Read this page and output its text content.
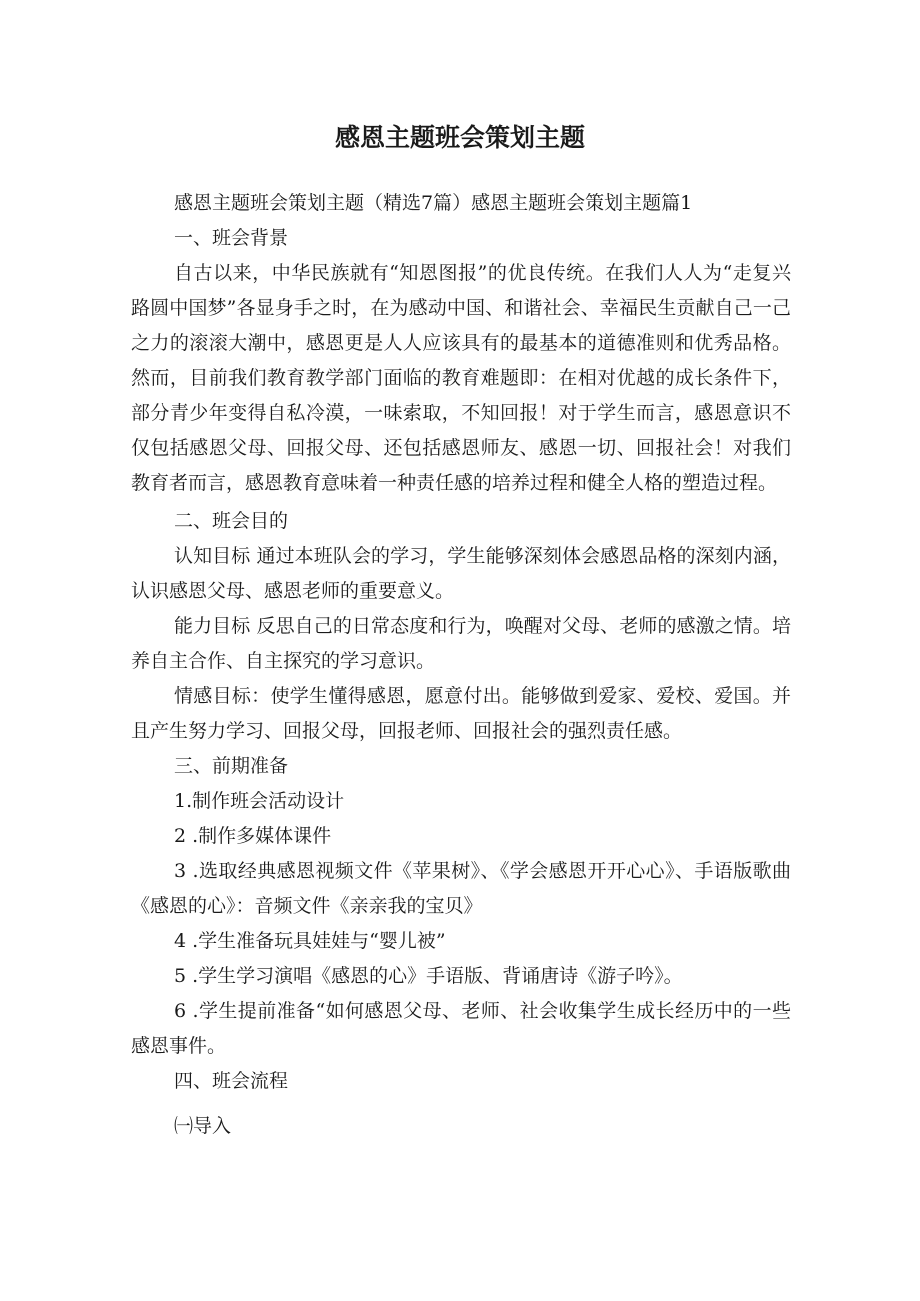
感恩主题班会策划主题

感恩主题班会策划主题（精选7篇）感恩主题班会策划主题篇1

一、班会背景

自古以来，中华民族就有“知恩图报”的优良传统。在我们人人为“走复兴路圆中国梦”各显身手之时，在为感动中国、和谐社会、幸福民生贡献自己一己之力的滚滚大潮中，感恩更是人人应该具有的最基本的道德准则和优秀品格。然而，目前我们教育教学部门面临的教育难题即：在相对优越的成长条件下，部分青少年变得自私冷漠，一味索取，不知回报！对于学生而言，感恩意识不仅包括感恩父母、回报父母、还包括感恩师友、感恩一切、回报社会！对我们教育者而言，感恩教育意味着一种责任感的培养过程和健全人格的塑造过程。

二、班会目的

认知目标 通过本班队会的学习，学生能够深刻体会感恩品格的深刻内涵，认识感恩父母、感恩老师的重要意义。

能力目标 反思自己的日常态度和行为，唤醒对父母、老师的感激之情。培养自主合作、自主探究的学习意识。

情感目标：使学生懂得感恩，愿意付出。能够做到爱家、爱校、爱国。并且产生努力学习、回报父母，回报老师、回报社会的强烈责任感。

三、前期准备

1.制作班会活动设计

2 .制作多媒体课件

3 .选取经典感恩视频文件《苹果树》、《学会感恩开开心心》、手语版歌曲《感恩的心》：音频文件《亲亲我的宝贝》

4 .学生准备玩具娃娃与“婴儿被”

5 .学生学习演唱《感恩的心》手语版、背诵唐诗《游子吟》。

6 .学生提前准备“如何感恩父母、老师、社会收集学生成长经历中的一些感恩事件。

四、班会流程

㈠导入
